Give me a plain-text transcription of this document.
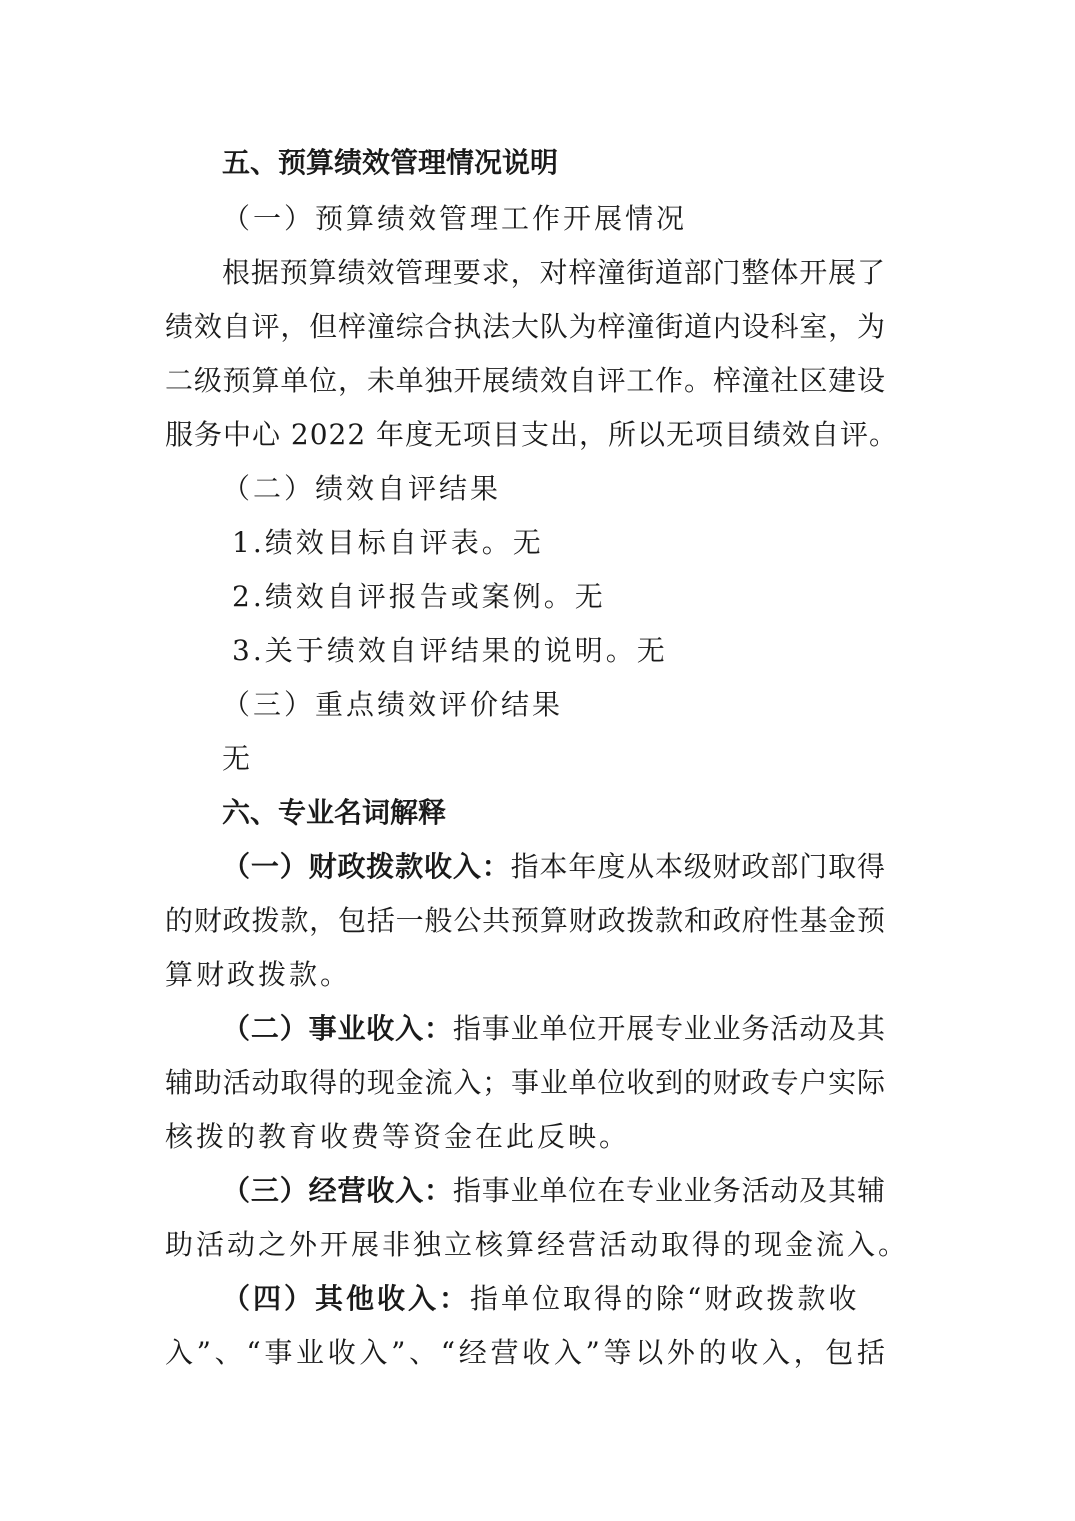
五、预算绩效管理情况说明
（一）预算绩效管理工作开展情况
根据预算绩效管理要求，对梓潼街道部门整体开展了
绩效自评，但梓潼综合执法大队为梓潼街道内设科室，为
二级预算单位，未单独开展绩效自评工作。梓潼社区建设
服务中心 2022 年度无项目支出，所以无项目绩效自评。
（二）绩效自评结果
1.绩效目标自评表。无
2.绩效自评报告或案例。无
3.关于绩效自评结果的说明。无
（三）重点绩效评价结果
无
六、专业名词解释
（一）财政拨款收入：指本年度从本级财政部门取得
的财政拨款，包括一般公共预算财政拨款和政府性基金预
算财政拨款。
（二）事业收入：指事业单位开展专业业务活动及其
辅助活动取得的现金流入；事业单位收到的财政专户实际
核拨的教育收费等资金在此反映。
（三）经营收入：指事业单位在专业业务活动及其辅
助活动之外开展非独立核算经营活动取得的现金流入。
（四）其他收入：指单位取得的除“财政拨款收
入”、“事业收入”、“经营收入”等以外的收入，包括
